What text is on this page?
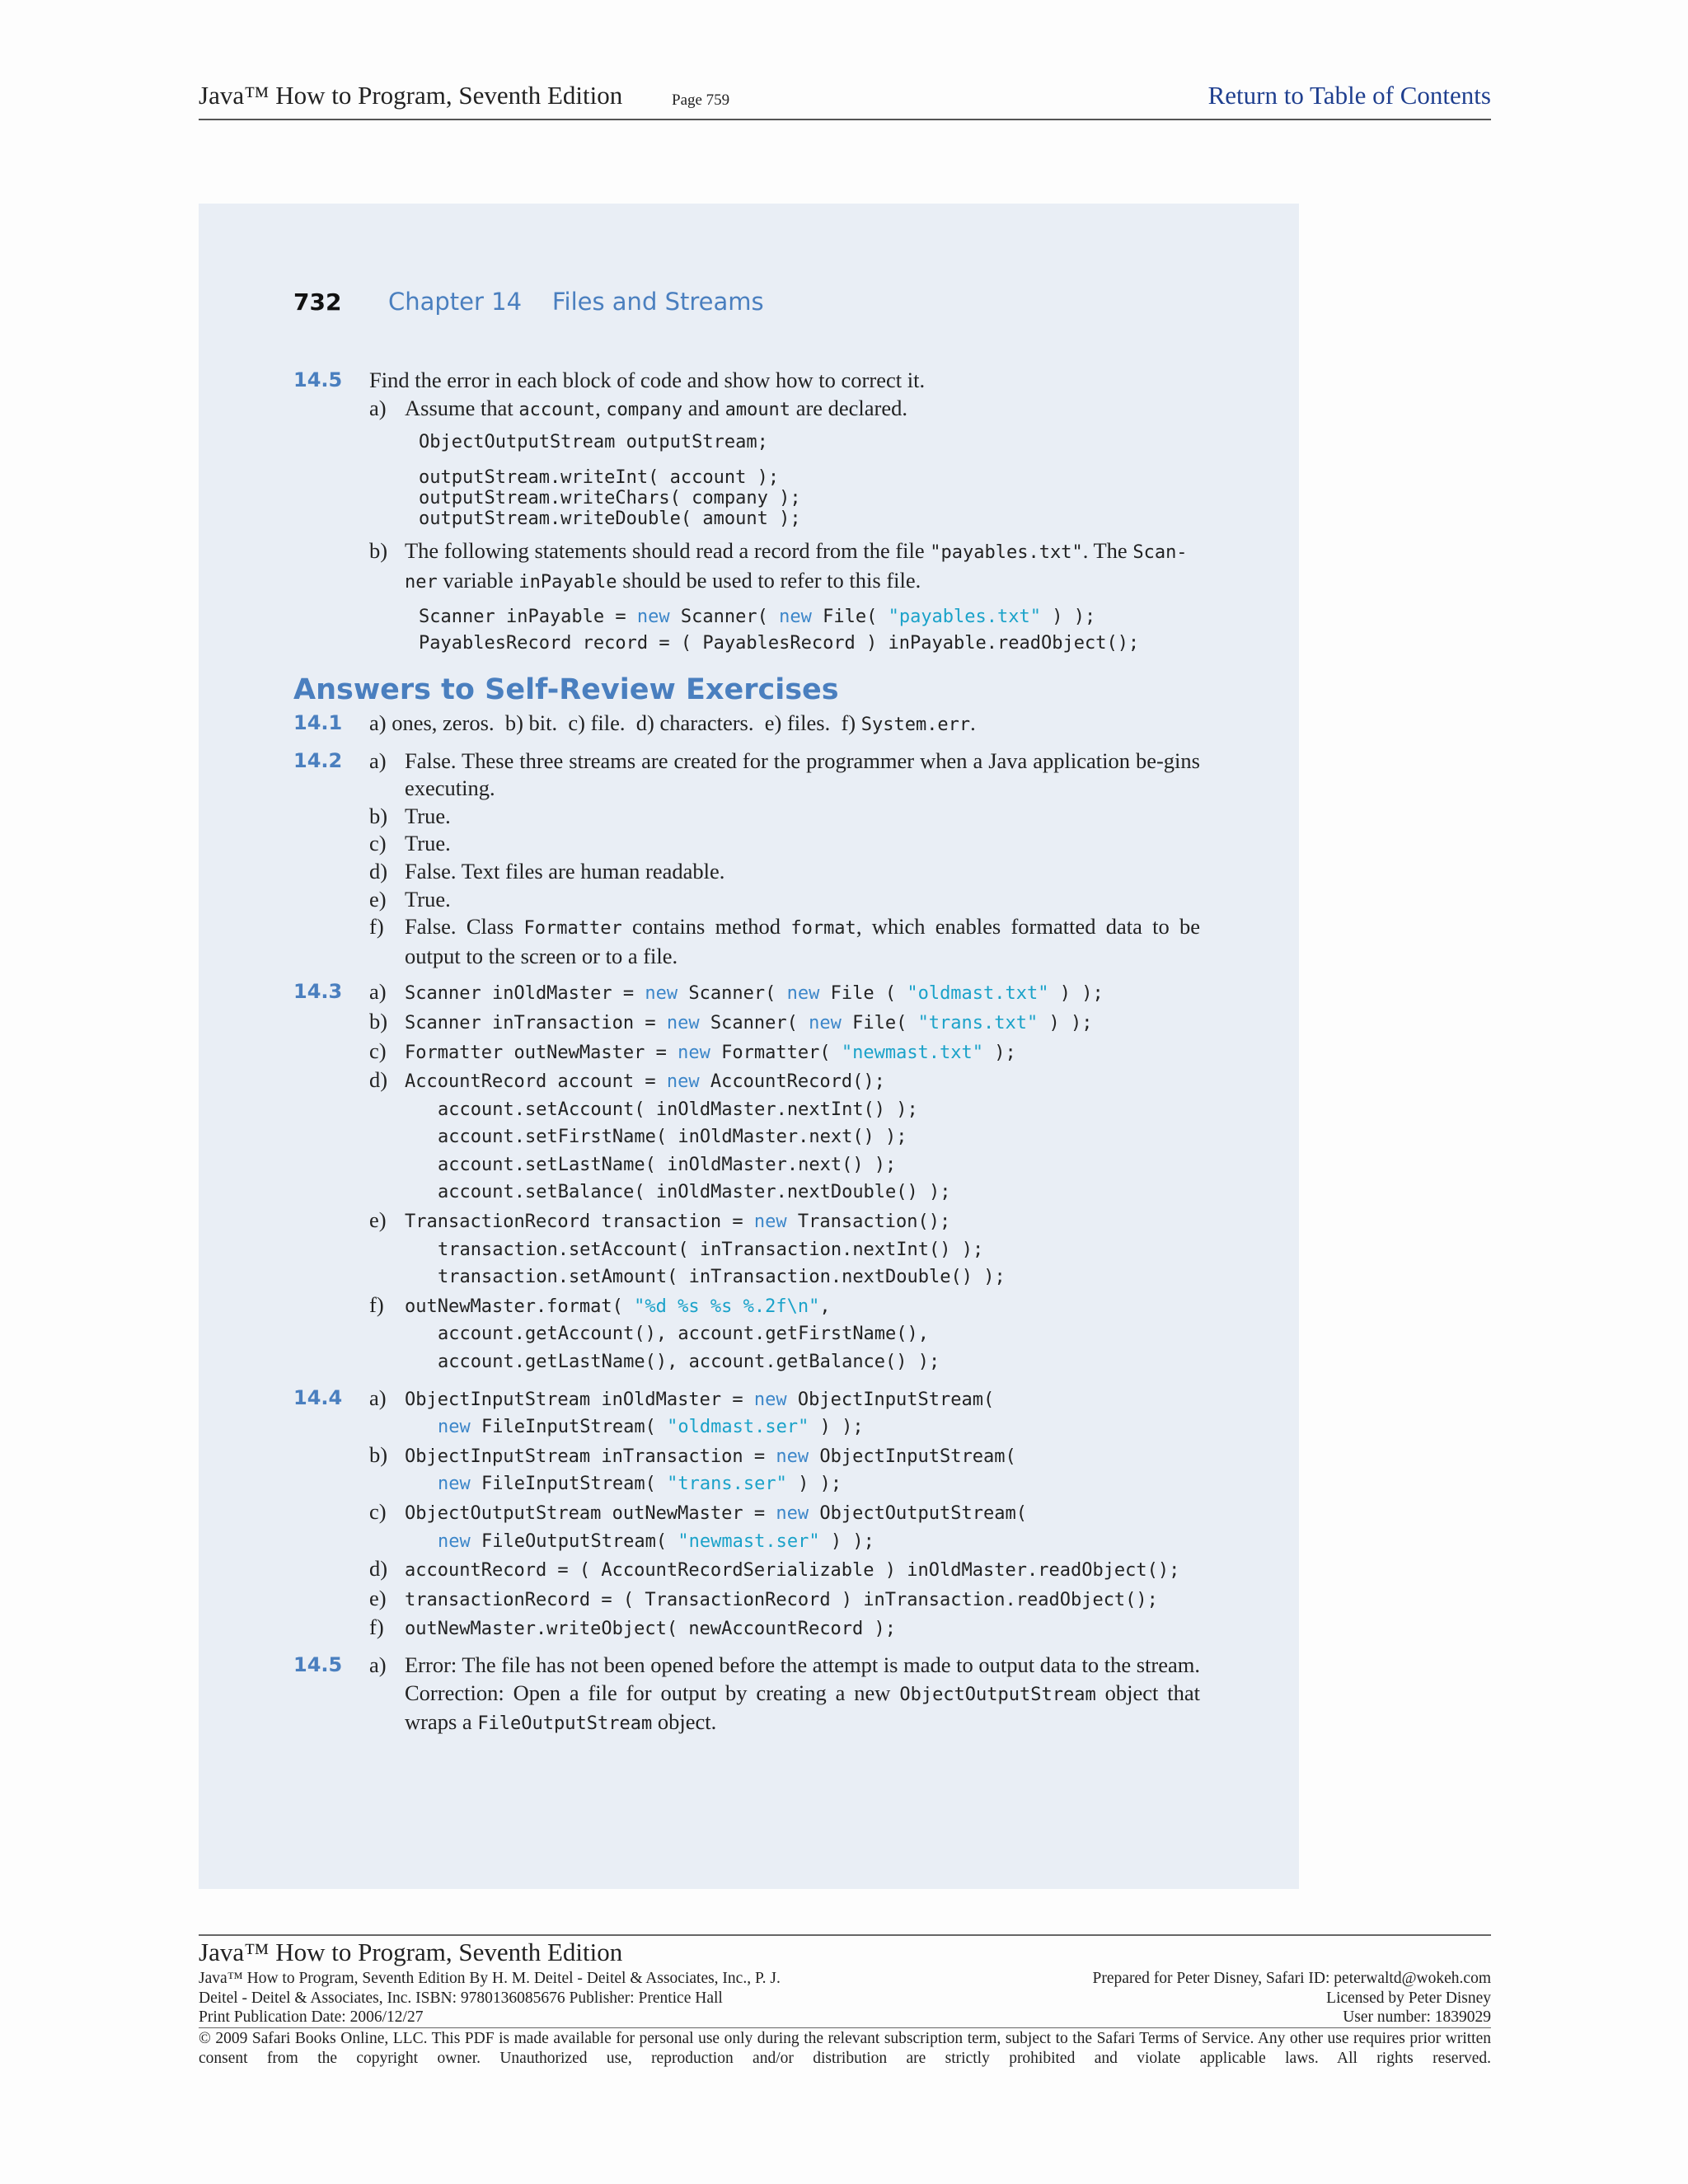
Java™ How to Program, Seventh Edition	Page 759	Return to Table of Contents
732	Chapter 14    Files and Streams
14.5 Find the error in each block of code and show how to correct it.
a) Assume that account, company and amount are declared.
ObjectOutputStream outputStream;
outputStream.writeInt( account );
outputStream.writeChars( company );
outputStream.writeDouble( amount );
b) The following statements should read a record from the file "payables.txt". The Scan-
ner variable inPayable should be used to refer to this file.
Scanner inPayable = new Scanner( new File( "payables.txt" ) );
PayablesRecord record = ( PayablesRecord ) inPayable.readObject();
Answers to Self-Review Exercises
14.1 a) ones, zeros.  b) bit.  c) file.  d) characters.  e) files.  f) System.err.
14.2 a) False. These three streams are created for the programmer when a Java application be-gins executing.
b) True.
c) True.
d) False. Text files are human readable.
e) True.
f) False. Class Formatter contains method format, which enables formatted data to be output to the screen or to a file.
14.3 a) Scanner inOldMaster = new Scanner( new File ( "oldmast.txt" ) );
b) Scanner inTransaction = new Scanner( new File( "trans.txt" ) );
c) Formatter outNewMaster = new Formatter( "newmast.txt" );
d) AccountRecord account = new AccountRecord();
account.setAccount( inOldMaster.nextInt() );
account.setFirstName( inOldMaster.next() );
account.setLastName( inOldMaster.next() );
account.setBalance( inOldMaster.nextDouble() );
e) TransactionRecord transaction = new Transaction();
transaction.setAccount( inTransaction.nextInt() );
transaction.setAmount( inTransaction.nextDouble() );
f) outNewMaster.format( "%d %s %s %.2f\n",
account.getAccount(), account.getFirstName(),
account.getLastName(), account.getBalance() );
14.4 a) ObjectInputStream inOldMaster = new ObjectInputStream(
new FileInputStream( "oldmast.ser" ) );
b) ObjectInputStream inTransaction = new ObjectInputStream(
new FileInputStream( "trans.ser" ) );
c) ObjectOutputStream outNewMaster = new ObjectOutputStream(
new FileOutputStream( "newmast.ser" ) );
d) accountRecord = ( AccountRecordSerializable ) inOldMaster.readObject();
e) transactionRecord = ( TransactionRecord ) inTransaction.readObject();
f) outNewMaster.writeObject( newAccountRecord );
14.5 a) Error: The file has not been opened before the attempt is made to output data to the stream.
Correction: Open a file for output by creating a new ObjectOutputStream object that wraps a FileOutputStream object.
Java™ How to Program, Seventh Edition
Java™ How to Program, Seventh Edition By H. M. Deitel - Deitel & Associates, Inc., P. J.
Deitel - Deitel & Associates, Inc. ISBN: 9780136085676 Publisher: Prentice Hall
Print Publication Date: 2006/12/27
Prepared for Peter Disney, Safari ID: peterwaltd@wokeh.com
Licensed by Peter Disney
User number: 1839029
© 2009 Safari Books Online, LLC. This PDF is made available for personal use only during the relevant subscription term, subject to the Safari Terms of Service. Any other use requires prior written consent from the copyright owner. Unauthorized use, reproduction and/or distribution are strictly prohibited and violate applicable laws. All rights reserved.
